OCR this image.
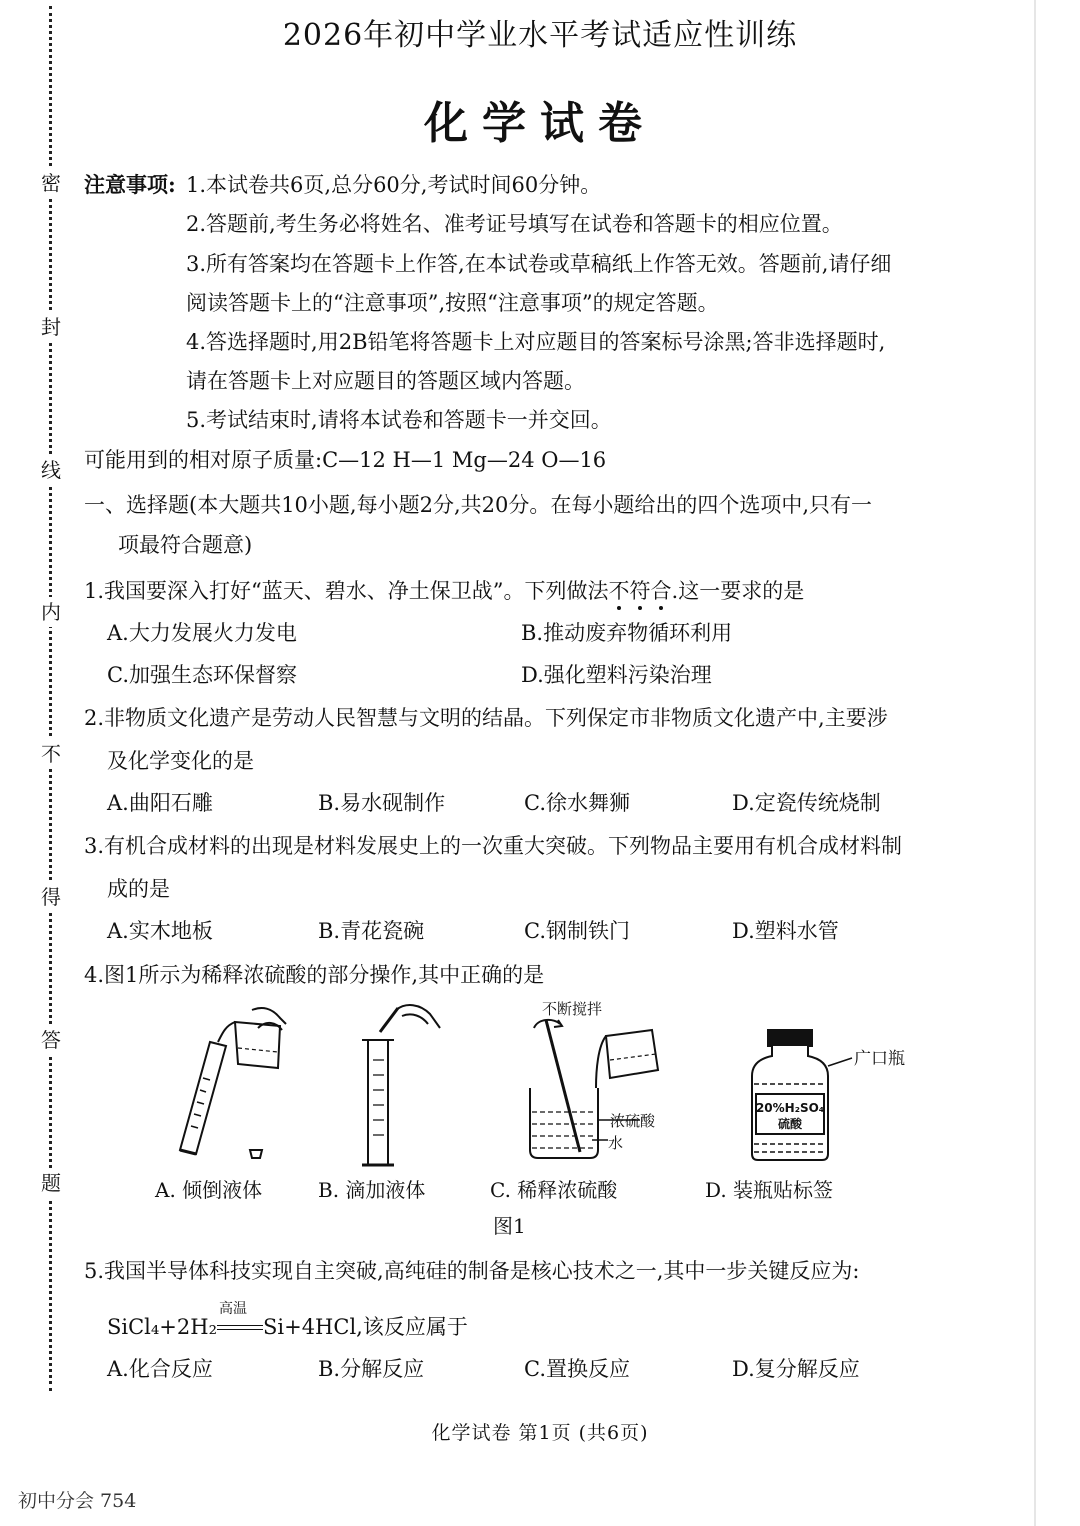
密
封
线
内
不
得
答
题
2026年初中学业水平考试适应性训练
化学试卷
注意事项: 1.本试卷共6页,总分60分,考试时间60分钟。
2.答题前,考生务必将姓名、准考证号填写在试卷和答题卡的相应位置。
3.所有答案均在答题卡上作答,在本试卷或草稿纸上作答无效。答题前,请仔细
阅读答题卡上的“注意事项”,按照“注意事项”的规定答题。
4.答选择题时,用2B铅笔将答题卡上对应题目的答案标号涂黑;答非选择题时,
请在答题卡上对应题目的答题区域内答题。
5.考试结束时,请将本试卷和答题卡一并交回。
可能用到的相对原子质量:C—12 H—1 Mg—24 O—16
一、选择题(本大题共10小题,每小题2分,共20分。在每小题给出的四个选项中,只有一
项最符合题意)
1.我国要深入打好“蓝天、碧水、净土保卫战”。下列做法不符合
.这一要求的是
A.大力发展火力发电	B.推动废弃物循环利用
C.加强生态环保督察	D.强化塑料污染治理
2.非物质文化遗产是劳动人民智慧与文明的结晶。下列保定市非物质文化遗产中,主要涉
及化学变化的是
A.曲阳石雕	B.易水砚制作	C.徐水舞狮	D.定瓷传统烧制
3.有机合成材料的出现是材料发展史上的一次重大突破。下列物品主要用有机合成材料制
成的是
A.实木地板	B.青花瓷碗	C.钢制铁门	D.塑料水管
4.图1所示为稀释浓硫酸的部分操作,其中正确的是
不断搅拌
浓硫酸
水
广口瓶
20%H₂SO₄
硫酸
A. 倾倒液体	B. 滴加液体	C. 稀释浓硫酸	D. 装瓶贴标签
图1
5.我国半导体科技实现自主突破,高纯硅的制备是核心技术之一,其中一步关键反应为:
SiCl₄+2H₂
高温
Si+4HCl,该反应属于
A.化合反应	B.分解反应	C.置换反应	D.复分解反应
化学试卷 第1页 (共6页)
初中分会 754
